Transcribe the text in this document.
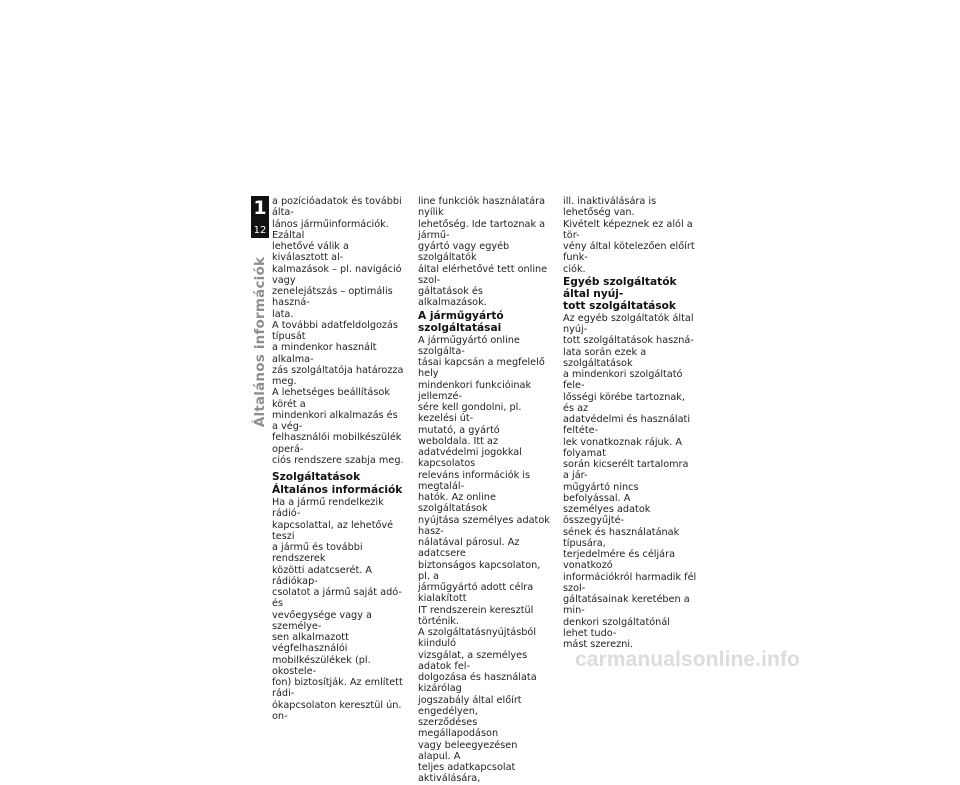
1
12
Általános információk

a pozícióadatok és további álta-
lános járműinformációk. Ezáltal
lehetővé válik a kiválasztott al-
kalmazások – pl. navigáció vagy
zenelejátszás – optimális haszná-
lata.

A további adatfeldolgozás típusát
a mindenkor használt alkalma-
zás szolgáltatója határozza meg.
A lehetséges beállítások körét a
mindenkori alkalmazás és a vég-
felhasználói mobilkészülék operá-
ciós rendszere szabja meg.

Szolgáltatások
Általános információk

Ha a jármű rendelkezik rádió-
kapcsolattal, az lehetővé teszi
a jármű és további rendszerek
közötti adatcserét. A rádiókap-
csolatot a jármű saját adó- és
vevőegysége vagy a személye-
sen alkalmazott végfelhasználói
mobilkészülékek (pl. okostele-
fon) biztosítják. Az említett rádi-
ókapcsolaton keresztül ún. on-

line funkciók használatára nyílik
lehetőség. Ide tartoznak a jármű-
gyártó vagy egyéb szolgáltatók
által elérhetővé tett online szol-
gáltatások és alkalmazások.

A járműgyártó szolgáltatásai

A járműgyártó online szolgálta-
tásai kapcsán a megfelelő hely
mindenkori funkcióinak jellemzé-
sére kell gondolni, pl. kezelési út-
mutató, a gyártó weboldala. Itt az
adatvédelmi jogokkal kapcsolatos
releváns információk is megtalál-
hatók. Az online szolgáltatások
nyújtása személyes adatok hasz-
nálatával párosul. Az adatcsere
biztonságos kapcsolaton, pl. a
járműgyártó adott célra kialakított
IT rendszerein keresztül történik.
A szolgáltatásnyújtásból kiinduló
vizsgálat, a személyes adatok fel-
dolgozása és használata kizárólag
jogszabály által előírt engedélyen,
szerződéses megállapodáson
vagy beleegyezésen alapul. A
teljes adatkapcsolat aktiválására,

ill. inaktiválására is lehetőség van.
Kivételt képeznek ez alól a tör-
vény által kötelezően előírt funk-
ciók.

Egyéb szolgáltatók által nyúj-
tott szolgáltatások

Az egyéb szolgáltatók által nyúj-
tott szolgáltatások haszná-
lata során ezek a szolgáltatások
a mindenkori szolgáltató fele-
lősségi körébe tartoznak, és az
adatvédelmi és használati feltéte-
lek vonatkoznak rájuk. A folyamat
során kicserélt tartalomra a jár-
műgyártó nincs befolyással. A
személyes adatok összegyűjté-
sének és használatának típusára,
terjedelmére és céljára vonatkozó
információkról harmadik fél szol-
gáltatásainak keretében a min-
denkori szolgáltatónál lehet tudo-
mást szerezni.

carmanualsonline.info
